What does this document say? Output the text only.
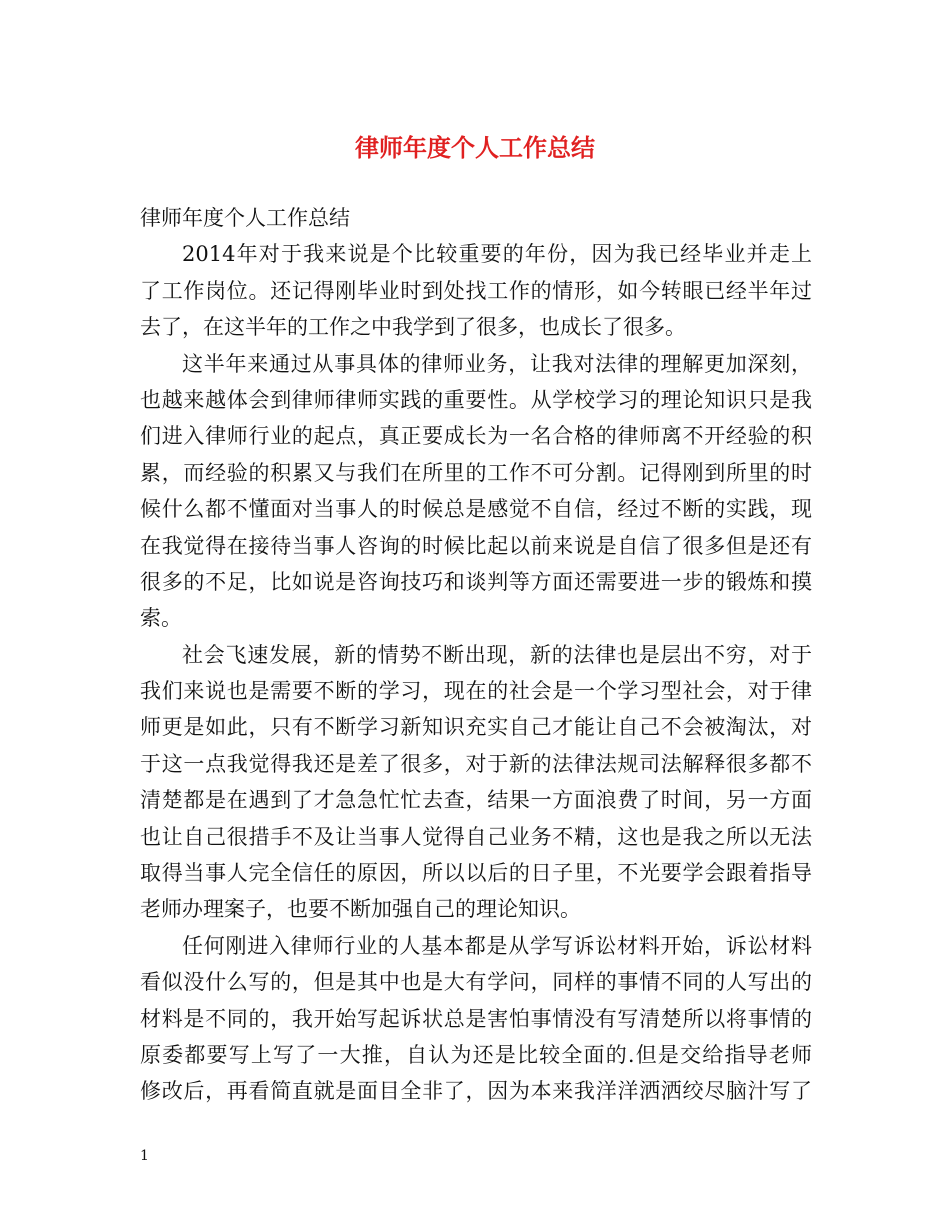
律师年度个人工作总结
律师年度个人工作总结
2014年对于我来说是个比较重要的年份，因为我已经毕业并走上
了工作岗位。还记得刚毕业时到处找工作的情形，如今转眼已经半年过
去了，在这半年的工作之中我学到了很多，也成长了很多。
这半年来通过从事具体的律师业务，让我对法律的理解更加深刻，
也越来越体会到律师律师实践的重要性。从学校学习的理论知识只是我
们进入律师行业的起点，真正要成长为一名合格的律师离不开经验的积
累，而经验的积累又与我们在所里的工作不可分割。记得刚到所里的时
候什么都不懂面对当事人的时候总是感觉不自信，经过不断的实践，现
在我觉得在接待当事人咨询的时候比起以前来说是自信了很多但是还有
很多的不足，比如说是咨询技巧和谈判等方面还需要进一步的锻炼和摸
索。
社会飞速发展，新的情势不断出现，新的法律也是层出不穷，对于
我们来说也是需要不断的学习，现在的社会是一个学习型社会，对于律
师更是如此，只有不断学习新知识充实自己才能让自己不会被淘汰，对
于这一点我觉得我还是差了很多，对于新的法律法规司法解释很多都不
清楚都是在遇到了才急急忙忙去查，结果一方面浪费了时间，另一方面
也让自己很措手不及让当事人觉得自己业务不精，这也是我之所以无法
取得当事人完全信任的原因，所以以后的日子里，不光要学会跟着指导
老师办理案子，也要不断加强自己的理论知识。
任何刚进入律师行业的人基本都是从学写诉讼材料开始，诉讼材料
看似没什么写的，但是其中也是大有学问，同样的事情不同的人写出的
材料是不同的，我开始写起诉状总是害怕事情没有写清楚所以将事情的
原委都要写上写了一大推，自认为还是比较全面的.但是交给指导老师
修改后，再看简直就是面目全非了，因为本来我洋洋洒洒绞尽脑汁写了
1
